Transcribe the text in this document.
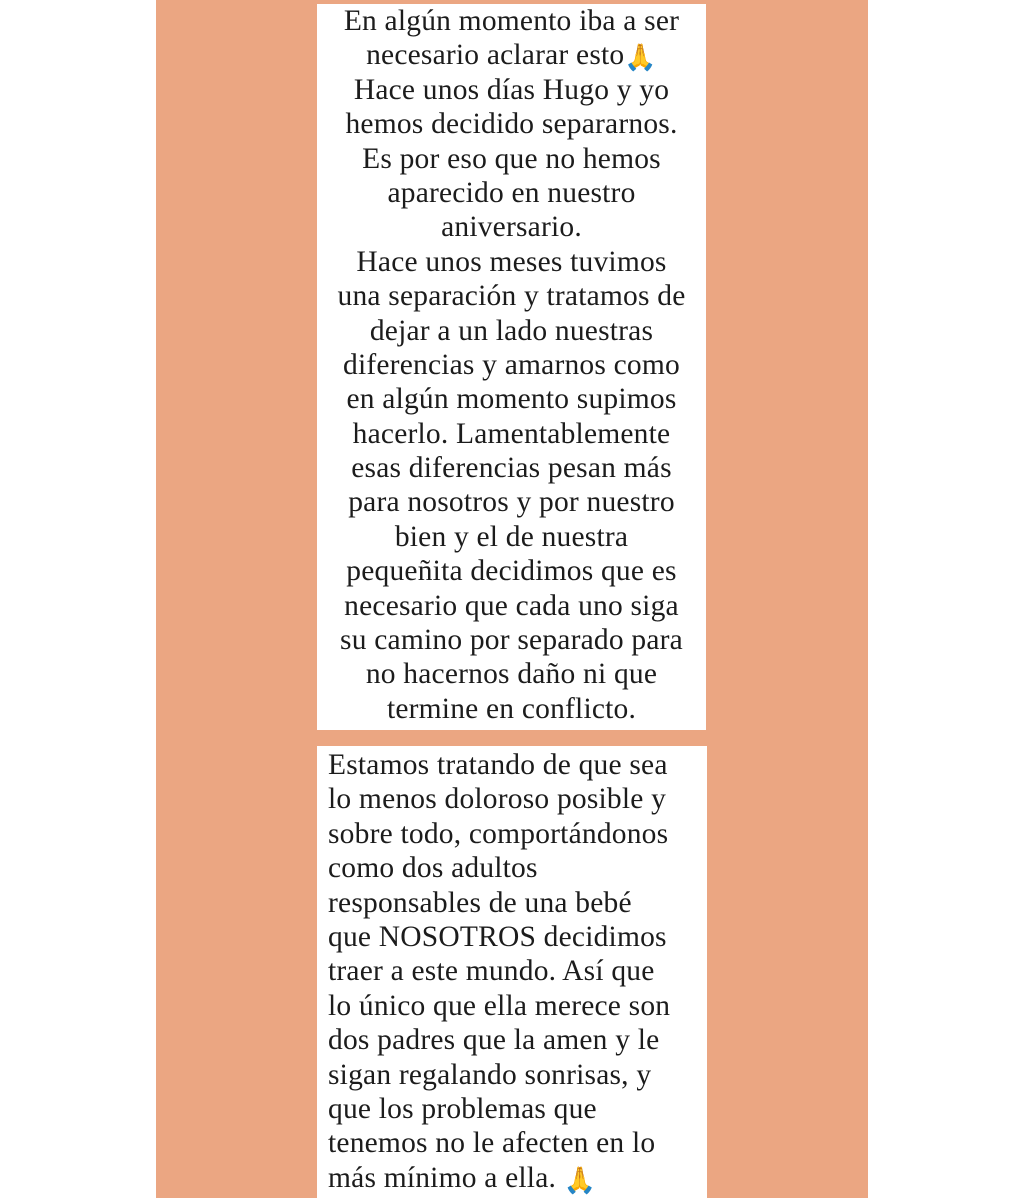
En algún momento iba a ser
necesario aclarar esto🙏
Hace unos días Hugo y yo
hemos decidido separarnos.
Es por eso que no hemos
aparecido en nuestro
aniversario.
Hace unos meses tuvimos
una separación y tratamos de
dejar a un lado nuestras
diferencias y amarnos como
en algún momento supimos
hacerlo. Lamentablemente
esas diferencias pesan más
para nosotros y por nuestro
bien y el de nuestra
pequeñita decidimos que es
necesario que cada uno siga
su camino por separado para
no hacernos daño ni que
termine en conflicto.
Estamos tratando de que sea
lo menos doloroso posible y
sobre todo, comportándonos
como dos adultos
responsables de una bebé
que NOSOTROS decidimos
traer a este mundo. Así que
lo único que ella merece son
dos padres que la amen y le
sigan regalando sonrisas, y
que los problemas que
tenemos no le afecten en lo
más mínimo a ella. 🙏
